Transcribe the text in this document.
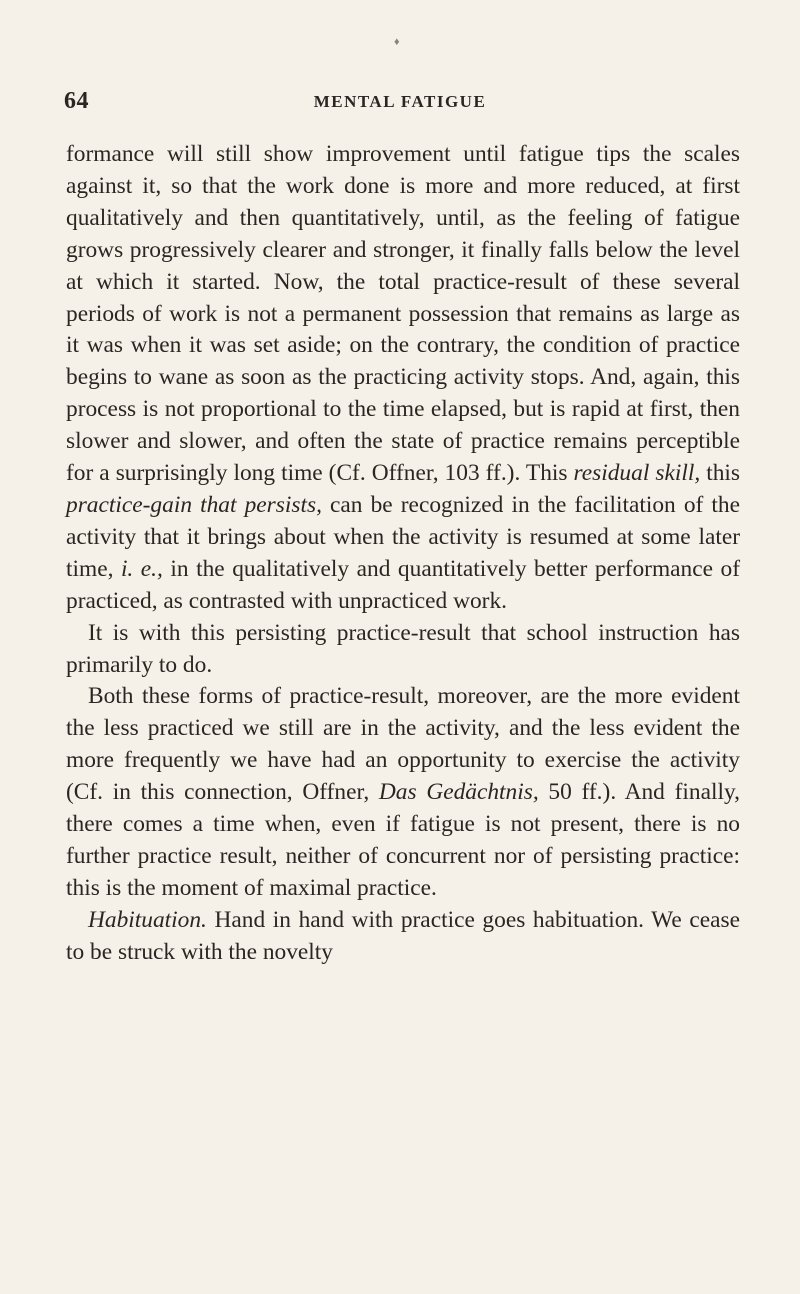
♦
64	MENTAL FATIGUE

formance will still show improvement until fatigue tips the scales against it, so that the work done is more and more reduced, at first qualitatively and then quantitatively, until, as the feeling of fatigue grows progressively clearer and stronger, it finally falls below the level at which it started. Now, the total practice-result of these several periods of work is not a permanent possession that remains as large as it was when it was set aside; on the contrary, the condition of practice begins to wane as soon as the practicing activity stops. And, again, this process is not proportional to the time elapsed, but is rapid at first, then slower and slower, and often the state of practice remains perceptible for a surprisingly long time (Cf. Offner, 103 ff.). This residual skill, this practice-gain that persists, can be recognized in the facilitation of the activity that it brings about when the activity is resumed at some later time, i. e., in the qualitatively and quantitatively better performance of practiced, as contrasted with unpracticed work.

It is with this persisting practice-result that school instruction has primarily to do.

Both these forms of practice-result, moreover, are the more evident the less practiced we still are in the activity, and the less evident the more frequently we have had an opportunity to exercise the activity (Cf. in this connection, Offner, Das Gedächtnis, 50 ff.). And finally, there comes a time when, even if fatigue is not present, there is no further practice result, neither of concurrent nor of persisting practice: this is the moment of maximal practice.

Habituation. Hand in hand with practice goes habituation. We cease to be struck with the novelty
